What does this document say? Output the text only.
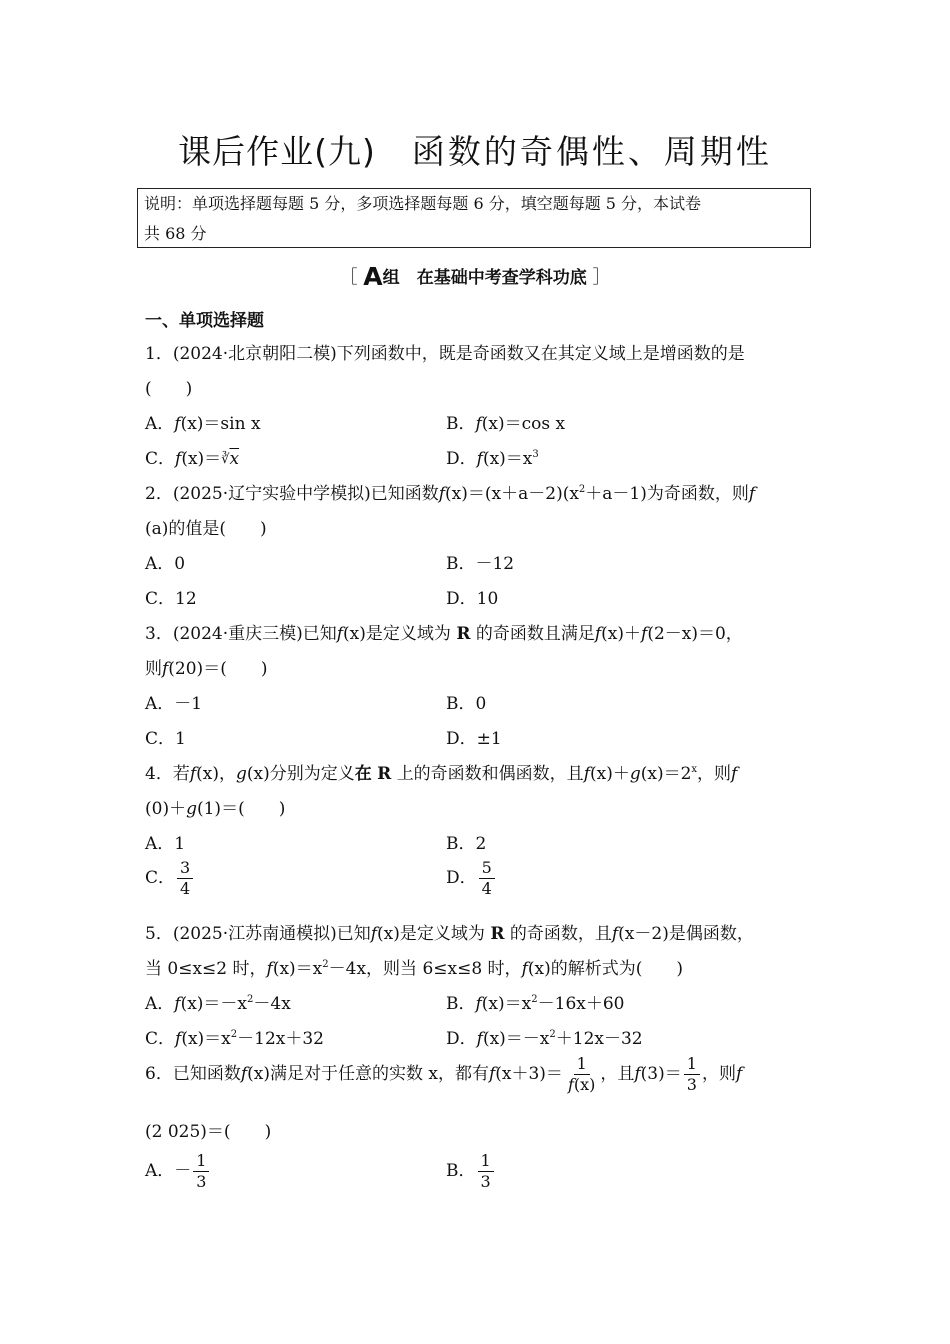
课后作业(九) 函数的奇偶性、周期性
说明：单项选择题每题 5 分，多项选择题每题 6 分，填空题每题 5 分，本试卷
共 68 分
［ A组 在基础中考查学科功底 ］
一、单项选择题
1．(2024·北京朝阳二模)下列函数中，既是奇函数又在其定义域上是增函数的是
(　　)
A．f(x)＝sin x	B．f(x)＝cos x
C．$f(x)=∛\overline{x}$	D．$f(x)=x^3$
2．(2025·辽宁实验中学模拟)已知函数$f(x)=(x+a-2)(x^2+a-1)$为奇函数，则f
(a)的值是(　　)
A．0	B．－12
C．12	D．10
3．(2024·重庆三模)已知f(x)是定义域为 R 的奇函数且满足f(x)＋f(2－x)＝0，
则f(20)＝(　　)
A．－1	B．0
C．1	D．±1
4．若f(x)，g(x)分别为定义在 R 上的奇函数和偶函数，且$f(x)+g(x)=2^x$，则f
(0)＋g(1)＝(　　)
A．1	B．2
C． $\frac{3}{4}$	D． $\frac{5}{4}$
5．(2025·江苏南通模拟)已知f(x)是定义域为 R 的奇函数，且f(x－2)是偶函数，
当 0≤x≤2 时，$f(x)=x^2-4x$，则当 6≤x≤8 时，f(x)的解析式为(　　)
A．$f(x)=-x^2-4x$	B．$f(x)=x^2-16x+60$
C．$f(x)=x^2-12x+32$	D．$f(x)=-x^2+12x-32$
6．已知函数f(x)满足对于任意的实数 x，都有$f(x+3)= \frac{1}{f(x)}$ ，且$f(3)= \frac{1}{3}$ ，则f
(2 025)＝(　　)
A．－ $\frac{1}{3}$	B． $\frac{1}{3}$
